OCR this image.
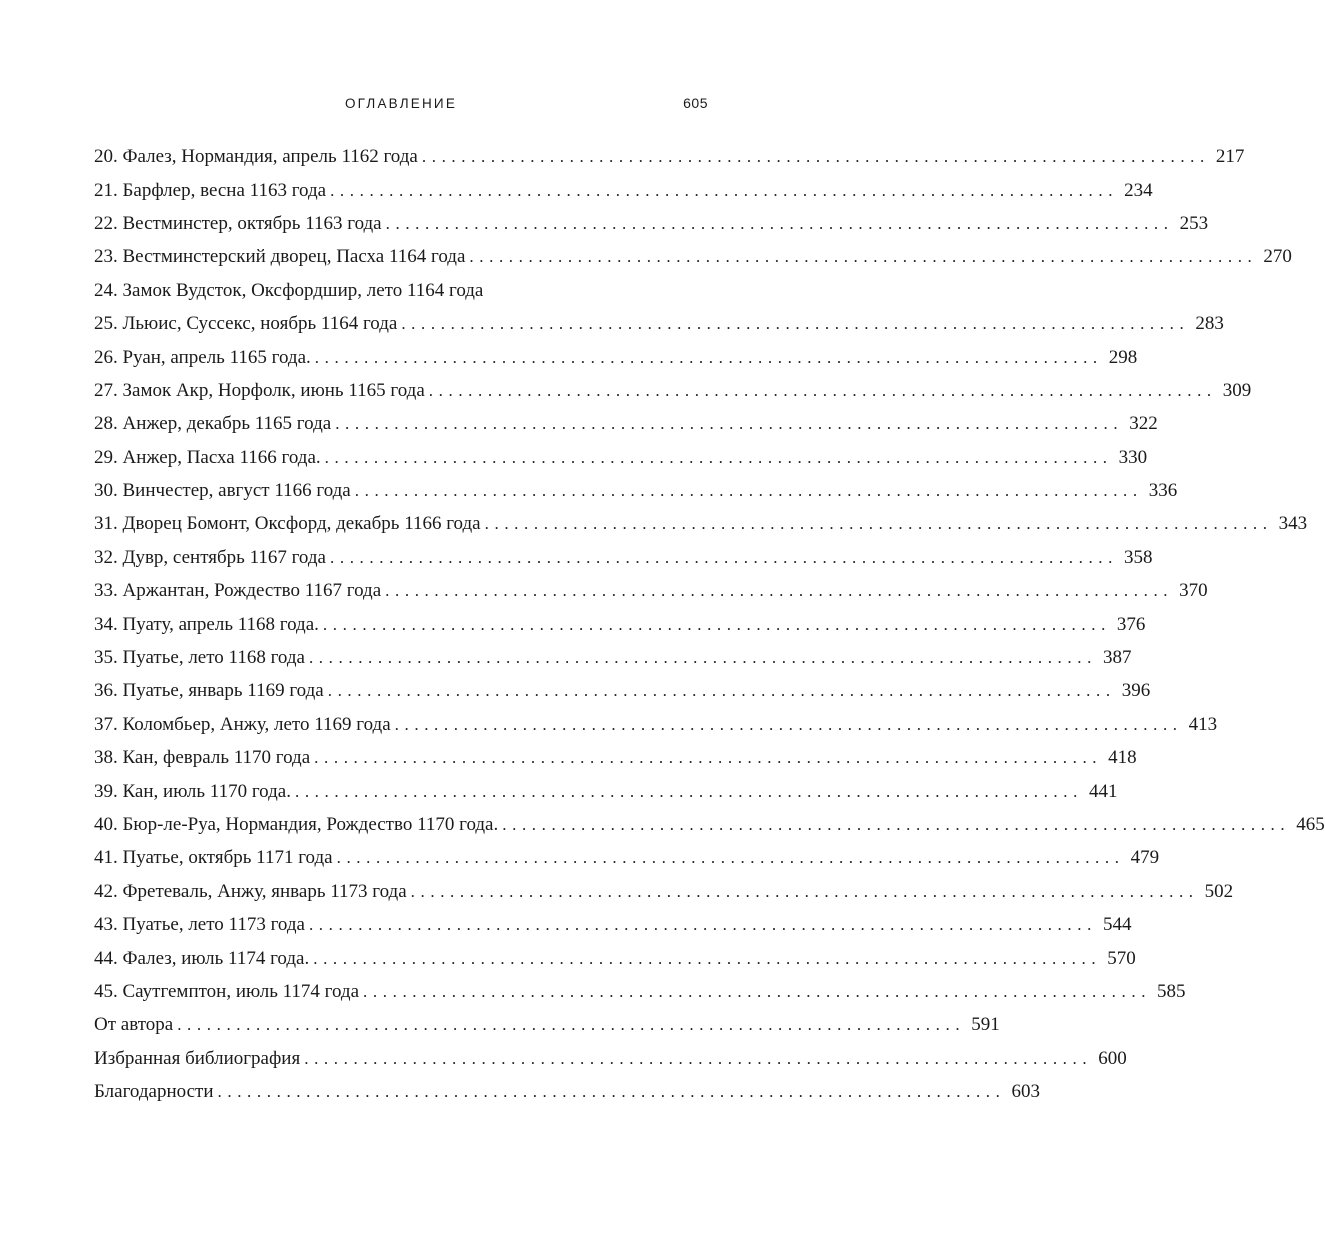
ОГЛАВЛЕНИЕ	605
20. Фалез, Нормандия, апрель 1162 года ................................................................................ 217
21. Барфлер, весна 1163 года ................................................................................ 234
22. Вестминстер, октябрь 1163 года ................................................................................ 253
23. Вестминстерский дворец, Пасха 1164 года ................................................................................ 270
24. Замок Вудсток, Оксфордшир, лето 1164 года
25. Льюис, Суссекс, ноябрь 1164 года ................................................................................ 283
26. Руан, апрель 1165 года. ................................................................................ 298
27. Замок Акр, Норфолк, июнь 1165 года ................................................................................ 309
28. Анжер, декабрь 1165 года ................................................................................ 322
29. Анжер, Пасха 1166 года. ................................................................................ 330
30. Винчестер, август 1166 года ................................................................................ 336
31. Дворец Бомонт, Оксфорд, декабрь 1166 года ................................................................................ 343
32. Дувр, сентябрь 1167 года ................................................................................ 358
33. Аржантан, Рождество 1167 года ................................................................................ 370
34. Пуату, апрель 1168 года. ................................................................................ 376
35. Пуатье, лето 1168 года ................................................................................ 387
36. Пуатье, январь 1169 года ................................................................................ 396
37. Коломбьер, Анжу, лето 1169 года ................................................................................ 413
38. Кан, февраль 1170 года ................................................................................ 418
39. Кан, июль 1170 года. ................................................................................ 441
40. Бюр-ле-Руа, Нормандия, Рождество 1170 года. ................................................................................ 465
41. Пуатье, октябрь 1171 года ................................................................................ 479
42. Фретеваль, Анжу, январь 1173 года ................................................................................ 502
43. Пуатье, лето 1173 года ................................................................................ 544
44. Фалез, июль 1174 года. ................................................................................ 570
45. Саутгемптон, июль 1174 года ................................................................................ 585
От автора ................................................................................ 591
Избранная библиография ................................................................................ 600
Благодарности ................................................................................ 603
